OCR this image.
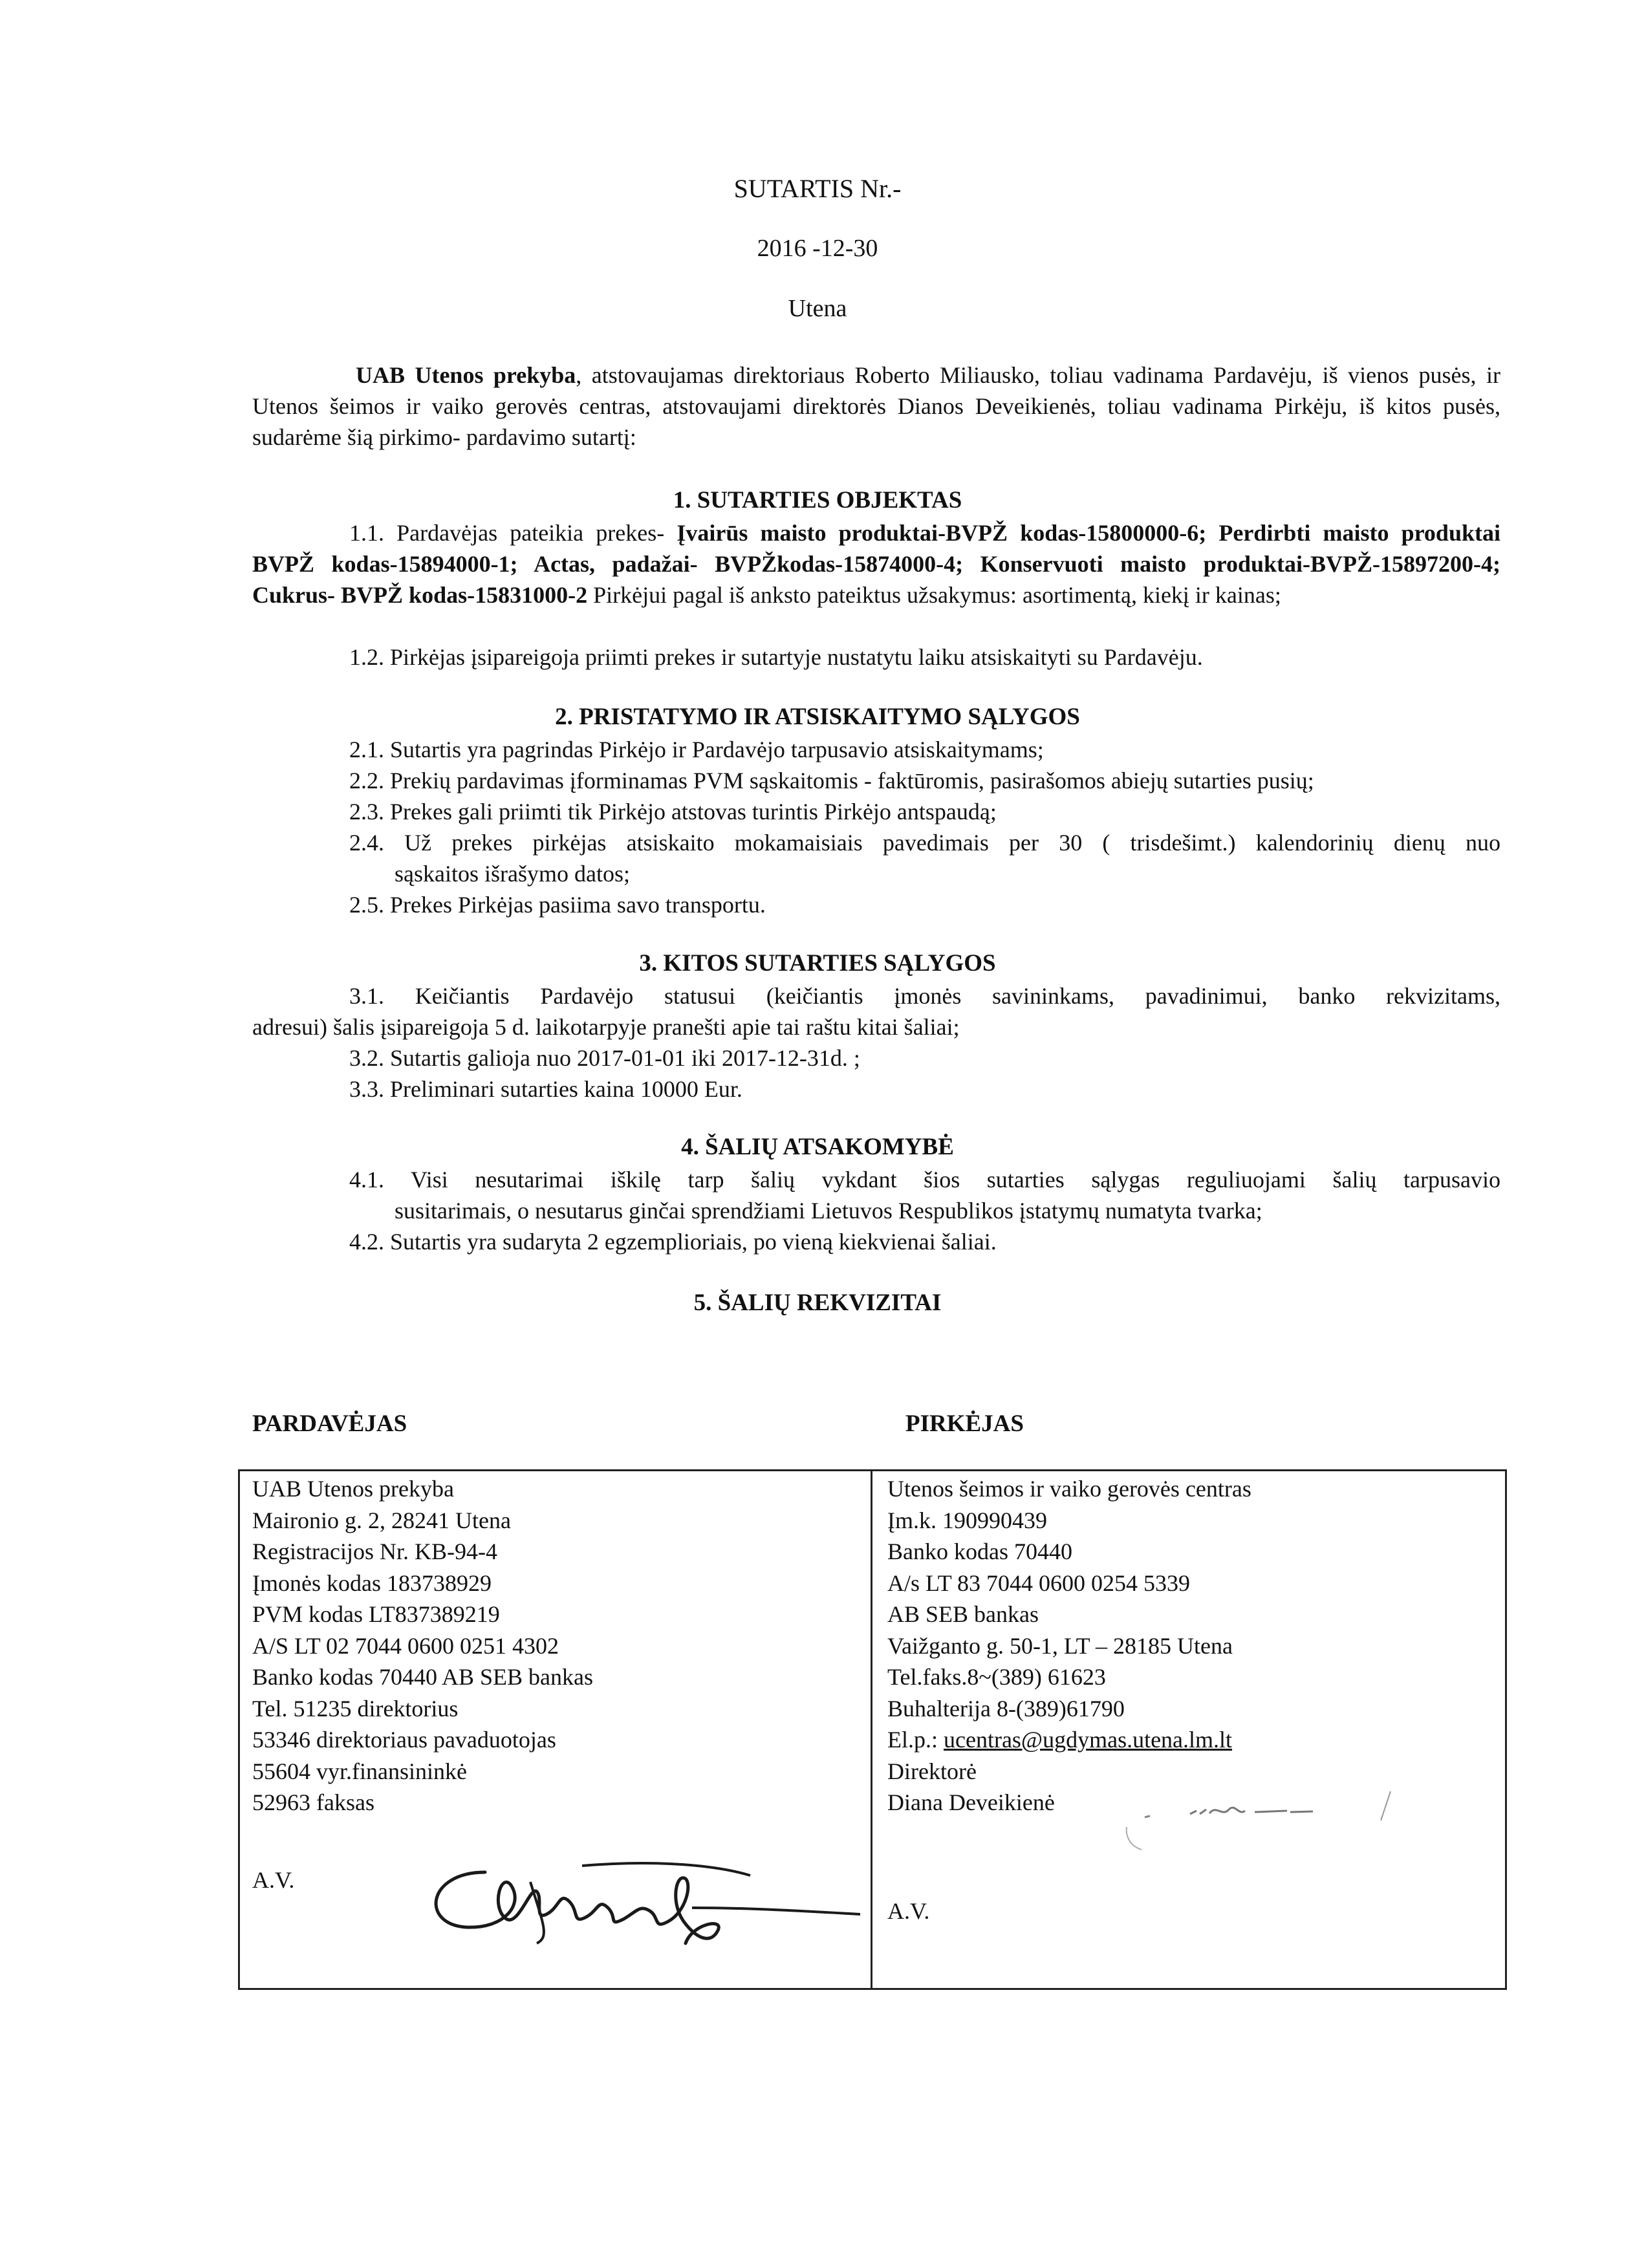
SUTARTIS Nr.-
2016 -12-30
Utena
UAB Utenos prekyba, atstovaujamas direktoriaus Roberto Miliausko, toliau vadinama Pardavėju, iš vienos pusės, ir Utenos šeimos ir vaiko gerovės centras, atstovaujami direktorės Dianos Deveikienės, toliau vadinama Pirkėju, iš kitos pusės, sudarėme šią pirkimo- pardavimo sutartį:
1. SUTARTIES OBJEKTAS
1.1. Pardavėjas pateikia prekes- Įvairūs maisto produktai-BVPŽ kodas-15800000-6; Perdirbti maisto produktai BVPŽ kodas-15894000-1; Actas, padažai- BVPŽkodas-15874000-4; Konservuoti maisto produktai-BVPŽ-15897200-4; Cukrus- BVPŽ kodas-15831000-2 Pirkėjui pagal iš anksto pateiktus užsakymus: asortimentą, kiekį ir kainas;
1.2. Pirkėjas įsipareigoja priimti prekes ir sutartyje nustatytu laiku atsiskaityti su Pardavėju.
2. PRISTATYMO IR ATSISKAITYMO SĄLYGOS
2.1. Sutartis yra pagrindas Pirkėjo ir Pardavėjo tarpusavio atsiskaitymams;
2.2. Prekių pardavimas įforminamas PVM sąskaitomis - faktūromis, pasirašomos abiejų sutarties pusių;
2.3. Prekes gali priimti tik Pirkėjo atstovas turintis Pirkėjo antspaudą;
2.4. Už prekes pirkėjas atsiskaito mokamaisiais pavedimais per 30 ( trisdešimt.) kalendorinių dienų nuo
sąskaitos išrašymo datos;
2.5. Prekes Pirkėjas pasiima savo transportu.
3. KITOS SUTARTIES SĄLYGOS
3.1. Keičiantis Pardavėjo statusui (keičiantis įmonės savininkams, pavadinimui, banko rekvizitams,
adresui) šalis įsipareigoja 5 d. laikotarpyje pranešti apie tai raštu kitai šaliai;
3.2. Sutartis galioja nuo 2017-01-01 iki 2017-12-31d. ;
3.3. Preliminari sutarties kaina 10000 Eur.
4. ŠALIŲ ATSAKOMYBĖ
4.1. Visi nesutarimai iškilę tarp šalių vykdant šios sutarties sąlygas reguliuojami šalių tarpusavio
susitarimais, o nesutarus ginčai sprendžiami Lietuvos Respublikos įstatymų numatyta tvarka;
4.2. Sutartis yra sudaryta 2 egzemplioriais, po vieną kiekvienai šaliai.
5. ŠALIŲ REKVIZITAI
PARDAVĖJAS	PIRKĖJAS
UAB Utenos prekyba
Maironio g. 2, 28241 Utena
Registracijos Nr. KB-94-4
Įmonės kodas 183738929
PVM kodas LT837389219
A/S LT 02 7044 0600 0251 4302
Banko kodas 70440 AB SEB bankas
Tel. 51235 direktorius
53346 direktoriaus pavaduotojas
55604 vyr.finansininkė
52963 faksas
A.V.
Utenos šeimos ir vaiko gerovės centras
Įm.k. 190990439
Banko kodas 70440
A/s LT 83 7044 0600 0254 5339
AB SEB bankas
Vaižganto g. 50-1, LT – 28185 Utena
Tel.faks.8~(389) 61623
Buhalterija 8-(389)61790
El.p.: ucentras@ugdymas.utena.lm.lt
Direktorė
Diana Deveikienė
A.V.
